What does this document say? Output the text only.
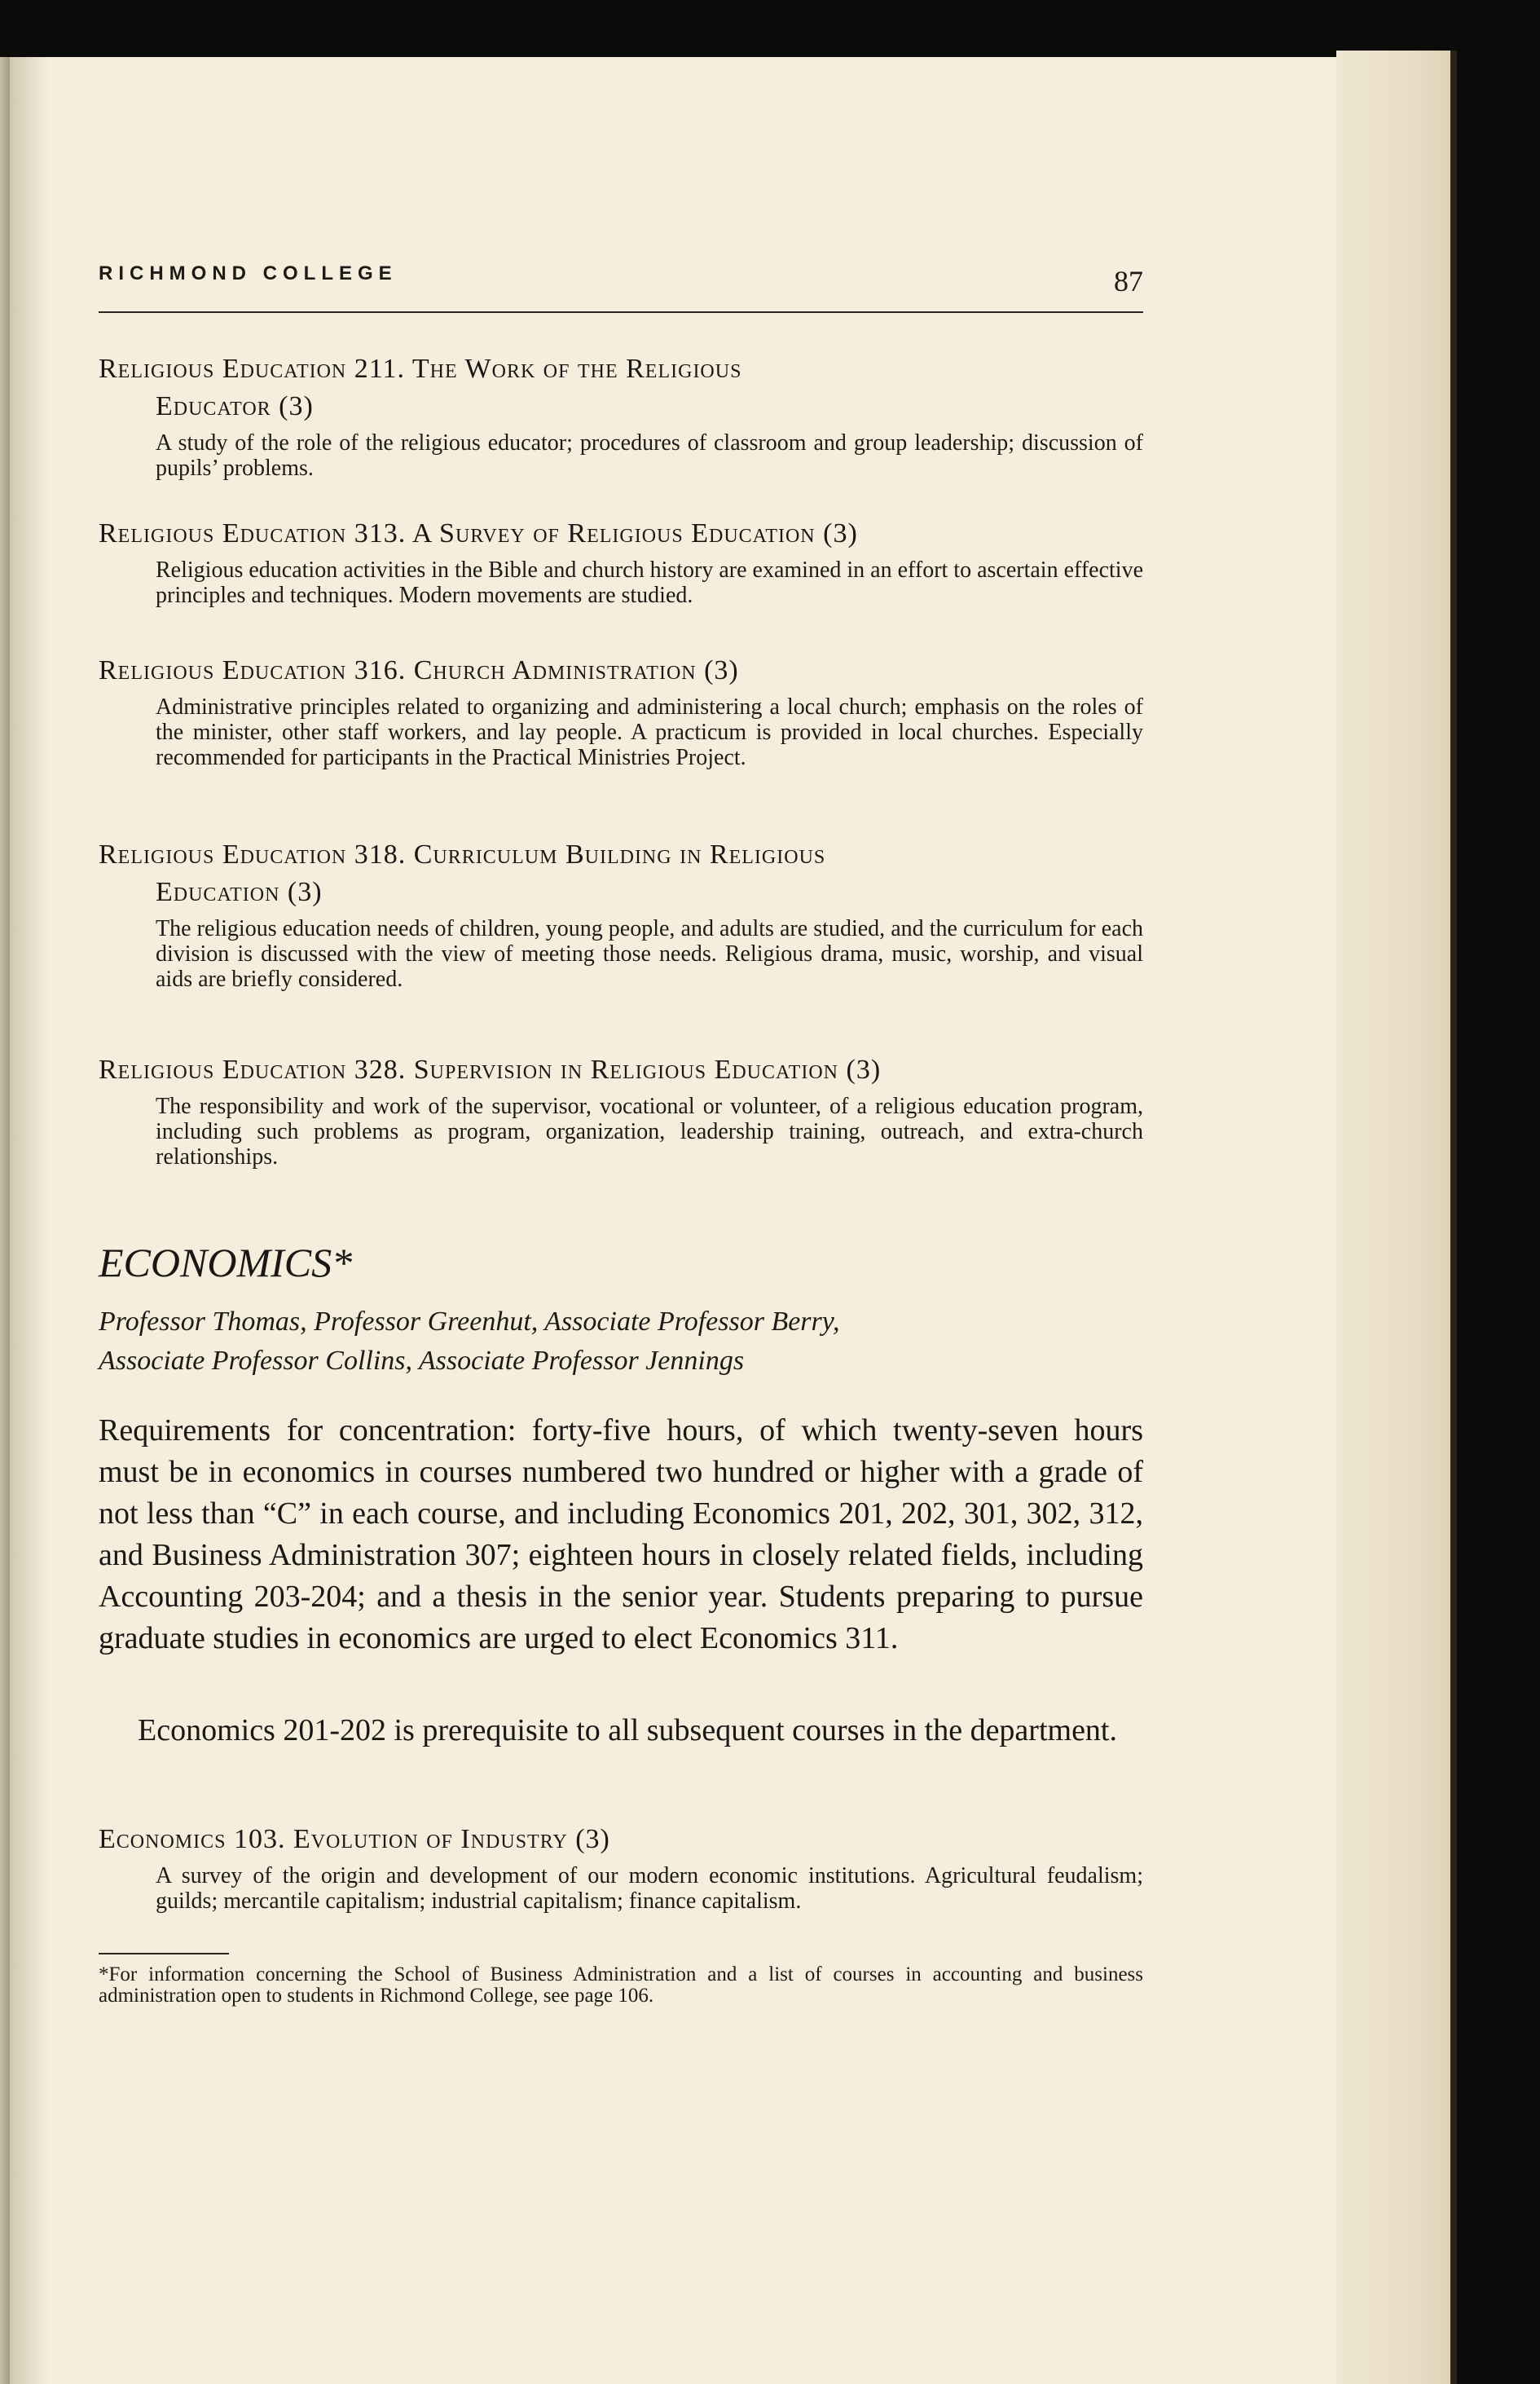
RICHMOND COLLEGE	87
Religious Education 211. The Work of the Religious
Educator (3)
A study of the role of the religious educator; procedures of classroom and group leadership; discussion of pupils’ problems.
Religious Education 313. A Survey of Religious Education (3)
Religious education activities in the Bible and church history are examined in an effort to ascertain effective principles and techniques. Modern movements are studied.
Religious Education 316. Church Administration (3)
Administrative principles related to organizing and administering a local church; emphasis on the roles of the minister, other staff workers, and lay people. A practicum is provided in local churches. Especially recommended for participants in the Practical Ministries Project.
Religious Education 318. Curriculum Building in Religious
Education (3)
The religious education needs of children, young people, and adults are studied, and the curriculum for each division is discussed with the view of meeting those needs. Religious drama, music, worship, and visual aids are briefly considered.
Religious Education 328. Supervision in Religious Education (3)
The responsibility and work of the supervisor, vocational or volunteer, of a religious education program, including such problems as program, organization, leadership training, outreach, and extra-church relationships.
ECONOMICS*
Professor Thomas, Professor Greenhut, Associate Professor Berry,
Associate Professor Collins, Associate Professor Jennings
Requirements for concentration: forty-five hours, of which twenty-seven hours must be in economics in courses numbered two hundred or higher with a grade of not less than “C” in each course, and including Economics 201, 202, 301, 302, 312, and Business Administration 307; eighteen hours in closely related fields, including Accounting 203-204; and a thesis in the senior year. Students preparing to pursue graduate studies in economics are urged to elect Economics 311.
Economics 201-202 is prerequisite to all subsequent courses in the department.
Economics 103. Evolution of Industry (3)
A survey of the origin and development of our modern economic institutions. Agricultural feudalism; guilds; mercantile capitalism; industrial capitalism; finance capitalism.
*For information concerning the School of Business Administration and a list of courses in accounting and business administration open to students in Richmond College, see page 106.
